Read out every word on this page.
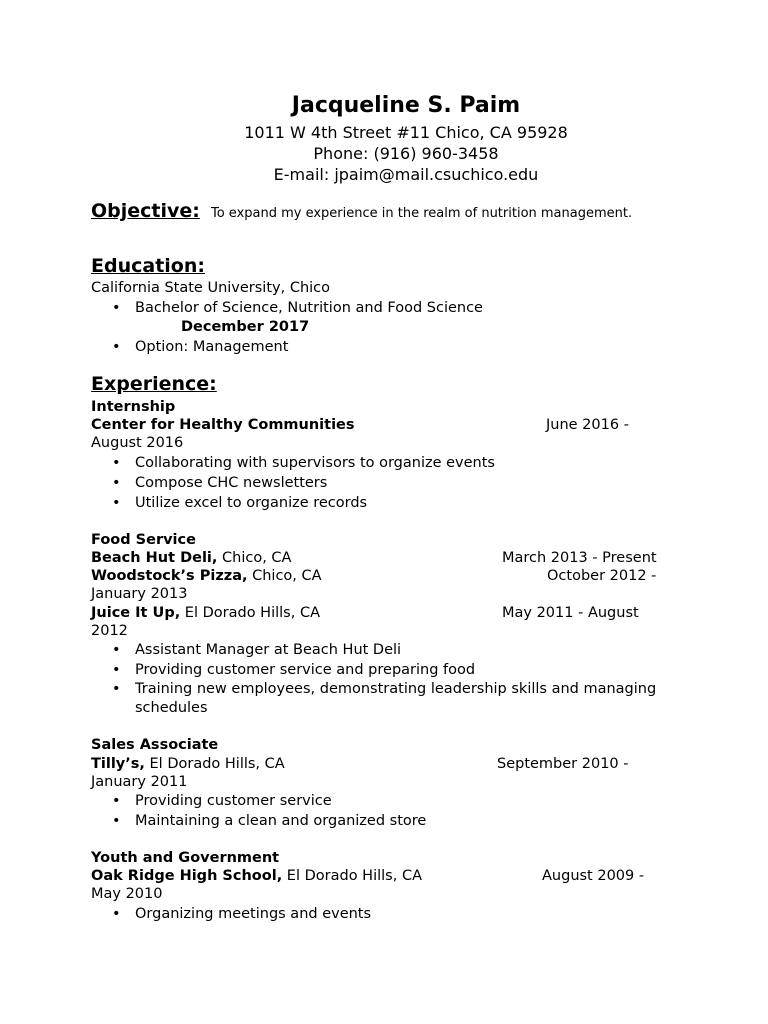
Jacqueline S. Paim
1011 W 4th Street #11 Chico, CA 95928
Phone: (916) 960-3458
E-mail: jpaim@mail.csuchico.edu
Objective: To expand my experience in the realm of nutrition management.
Education:
California State University, Chico
• Bachelor of Science, Nutrition and Food Science
December 2017
• Option: Management
Experience:
Internship
Center for Healthy Communities	June 2016 -
August 2016
• Collaborating with supervisors to organize events
• Compose CHC newsletters
• Utilize excel to organize records
Food Service
Beach Hut Deli, Chico, CA	March 2013 - Present
Woodstock’s Pizza, Chico, CA	October 2012 -
January 2013
Juice It Up, El Dorado Hills, CA	May 2011 - August
2012
• Assistant Manager at Beach Hut Deli
• Providing customer service and preparing food
• Training new employees, demonstrating leadership skills and managing schedules
Sales Associate
Tilly’s, El Dorado Hills, CA	September 2010 -
January 2011
• Providing customer service
• Maintaining a clean and organized store
Youth and Government
Oak Ridge High School, El Dorado Hills, CA	August 2009 -
May 2010
• Organizing meetings and events
